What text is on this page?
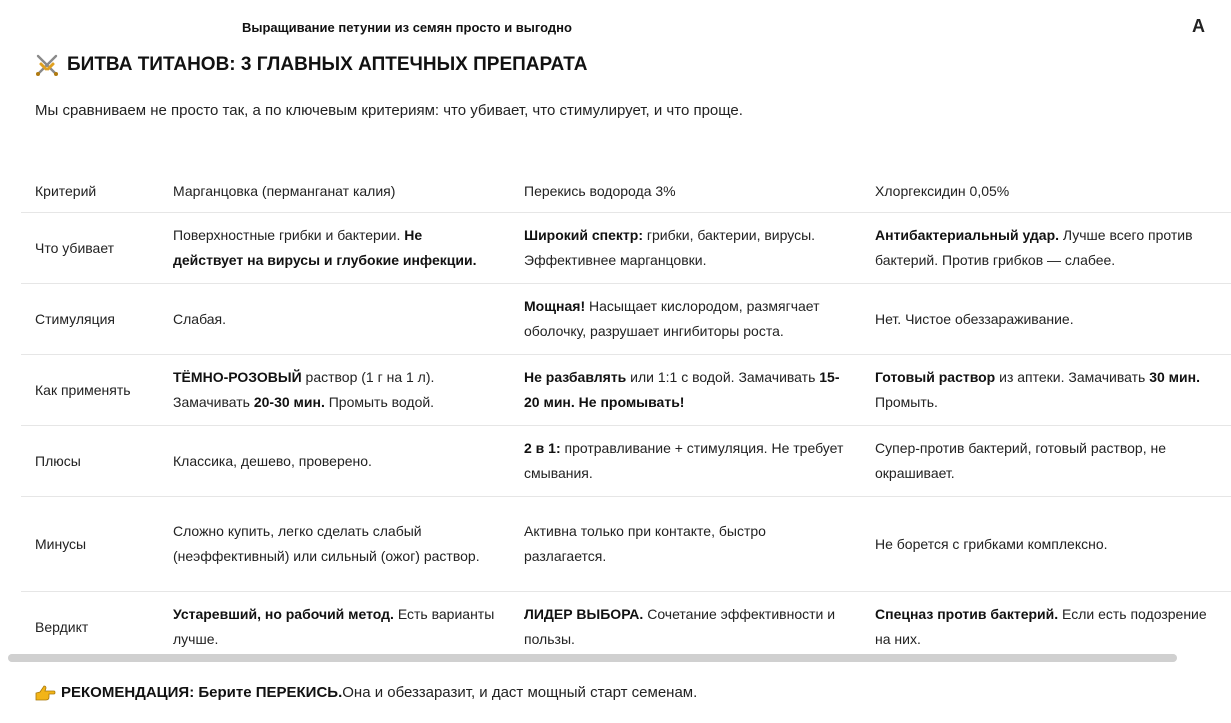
Выращивание петунии из семян просто и выгодно	A
БИТВА ТИТАНОВ: 3 ГЛАВНЫХ АПТЕЧНЫХ ПРЕПАРАТА
Мы сравниваем не просто так, а по ключевым критериям: что убивает, что стимулирует, и что проще.
Критерий	Марганцовка (перманганат калия)	Перекись водорода 3%	Хлоргексидин 0,05%
Что убивает	Поверхностные грибки и бактерии. Не действует на вирусы и глубокие инфекции.	Широкий спектр: грибки, бактерии, вирусы. Эффективнее марганцовки.	Антибактериальный удар. Лучше всего против бактерий. Против грибков — слабее.
Стимуляция	Слабая.	Мощная! Насыщает кислородом, размягчает оболочку, разрушает ингибиторы роста.	Нет. Чистое обеззараживание.
Как применять	ТЁМНО-РОЗОВЫЙ раствор (1 г на 1 л). Замачивать 20-30 мин. Промыть водой.	Не разбавлять или 1:1 с водой. Замачивать 15-20 мин. Не промывать!	Готовый раствор из аптеки. Замачивать 30 мин. Промыть.
Плюсы	Классика, дешево, проверено.	2 в 1: протравливание + стимуляция. Не требует смывания.	Супер-против бактерий, готовый раствор, не окрашивает.
Минусы	Сложно купить, легко сделать слабый (неэффективный) или сильный (ожог) раствор.	Активна только при контакте, быстро разлагается.	Не борется с грибками комплексно.
Вердикт	Устаревший, но рабочий метод. Есть варианты лучше.	ЛИДЕР ВЫБОРА. Сочетание эффективности и пользы.	Спецназ против бактерий. Если есть подозрение на них.
РЕКОМЕНДАЦИЯ: Берите ПЕРЕКИСЬ. Она и обеззаразит, и даст мощный старт семенам.
